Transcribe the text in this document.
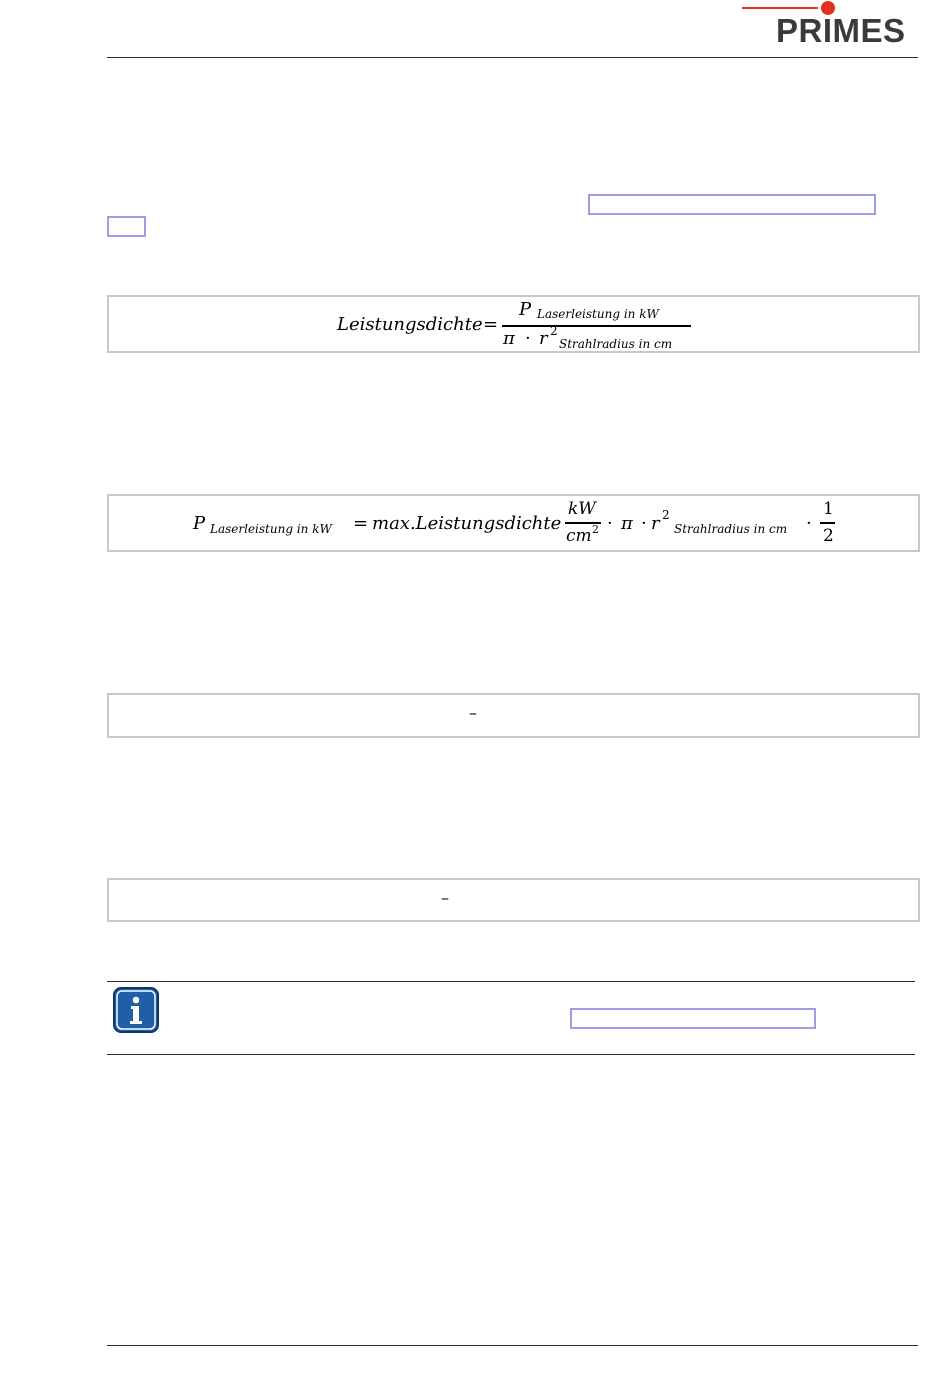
PRIMES
Leistungsdichte =
P Laserleistung in kW
π · r 2
Strahlradius in cm
P Laserleistung in kW = max.Leistungsdichte
kW
cm 2 · π · r 2
Strahlradius in cm ·
1
2
–
–
